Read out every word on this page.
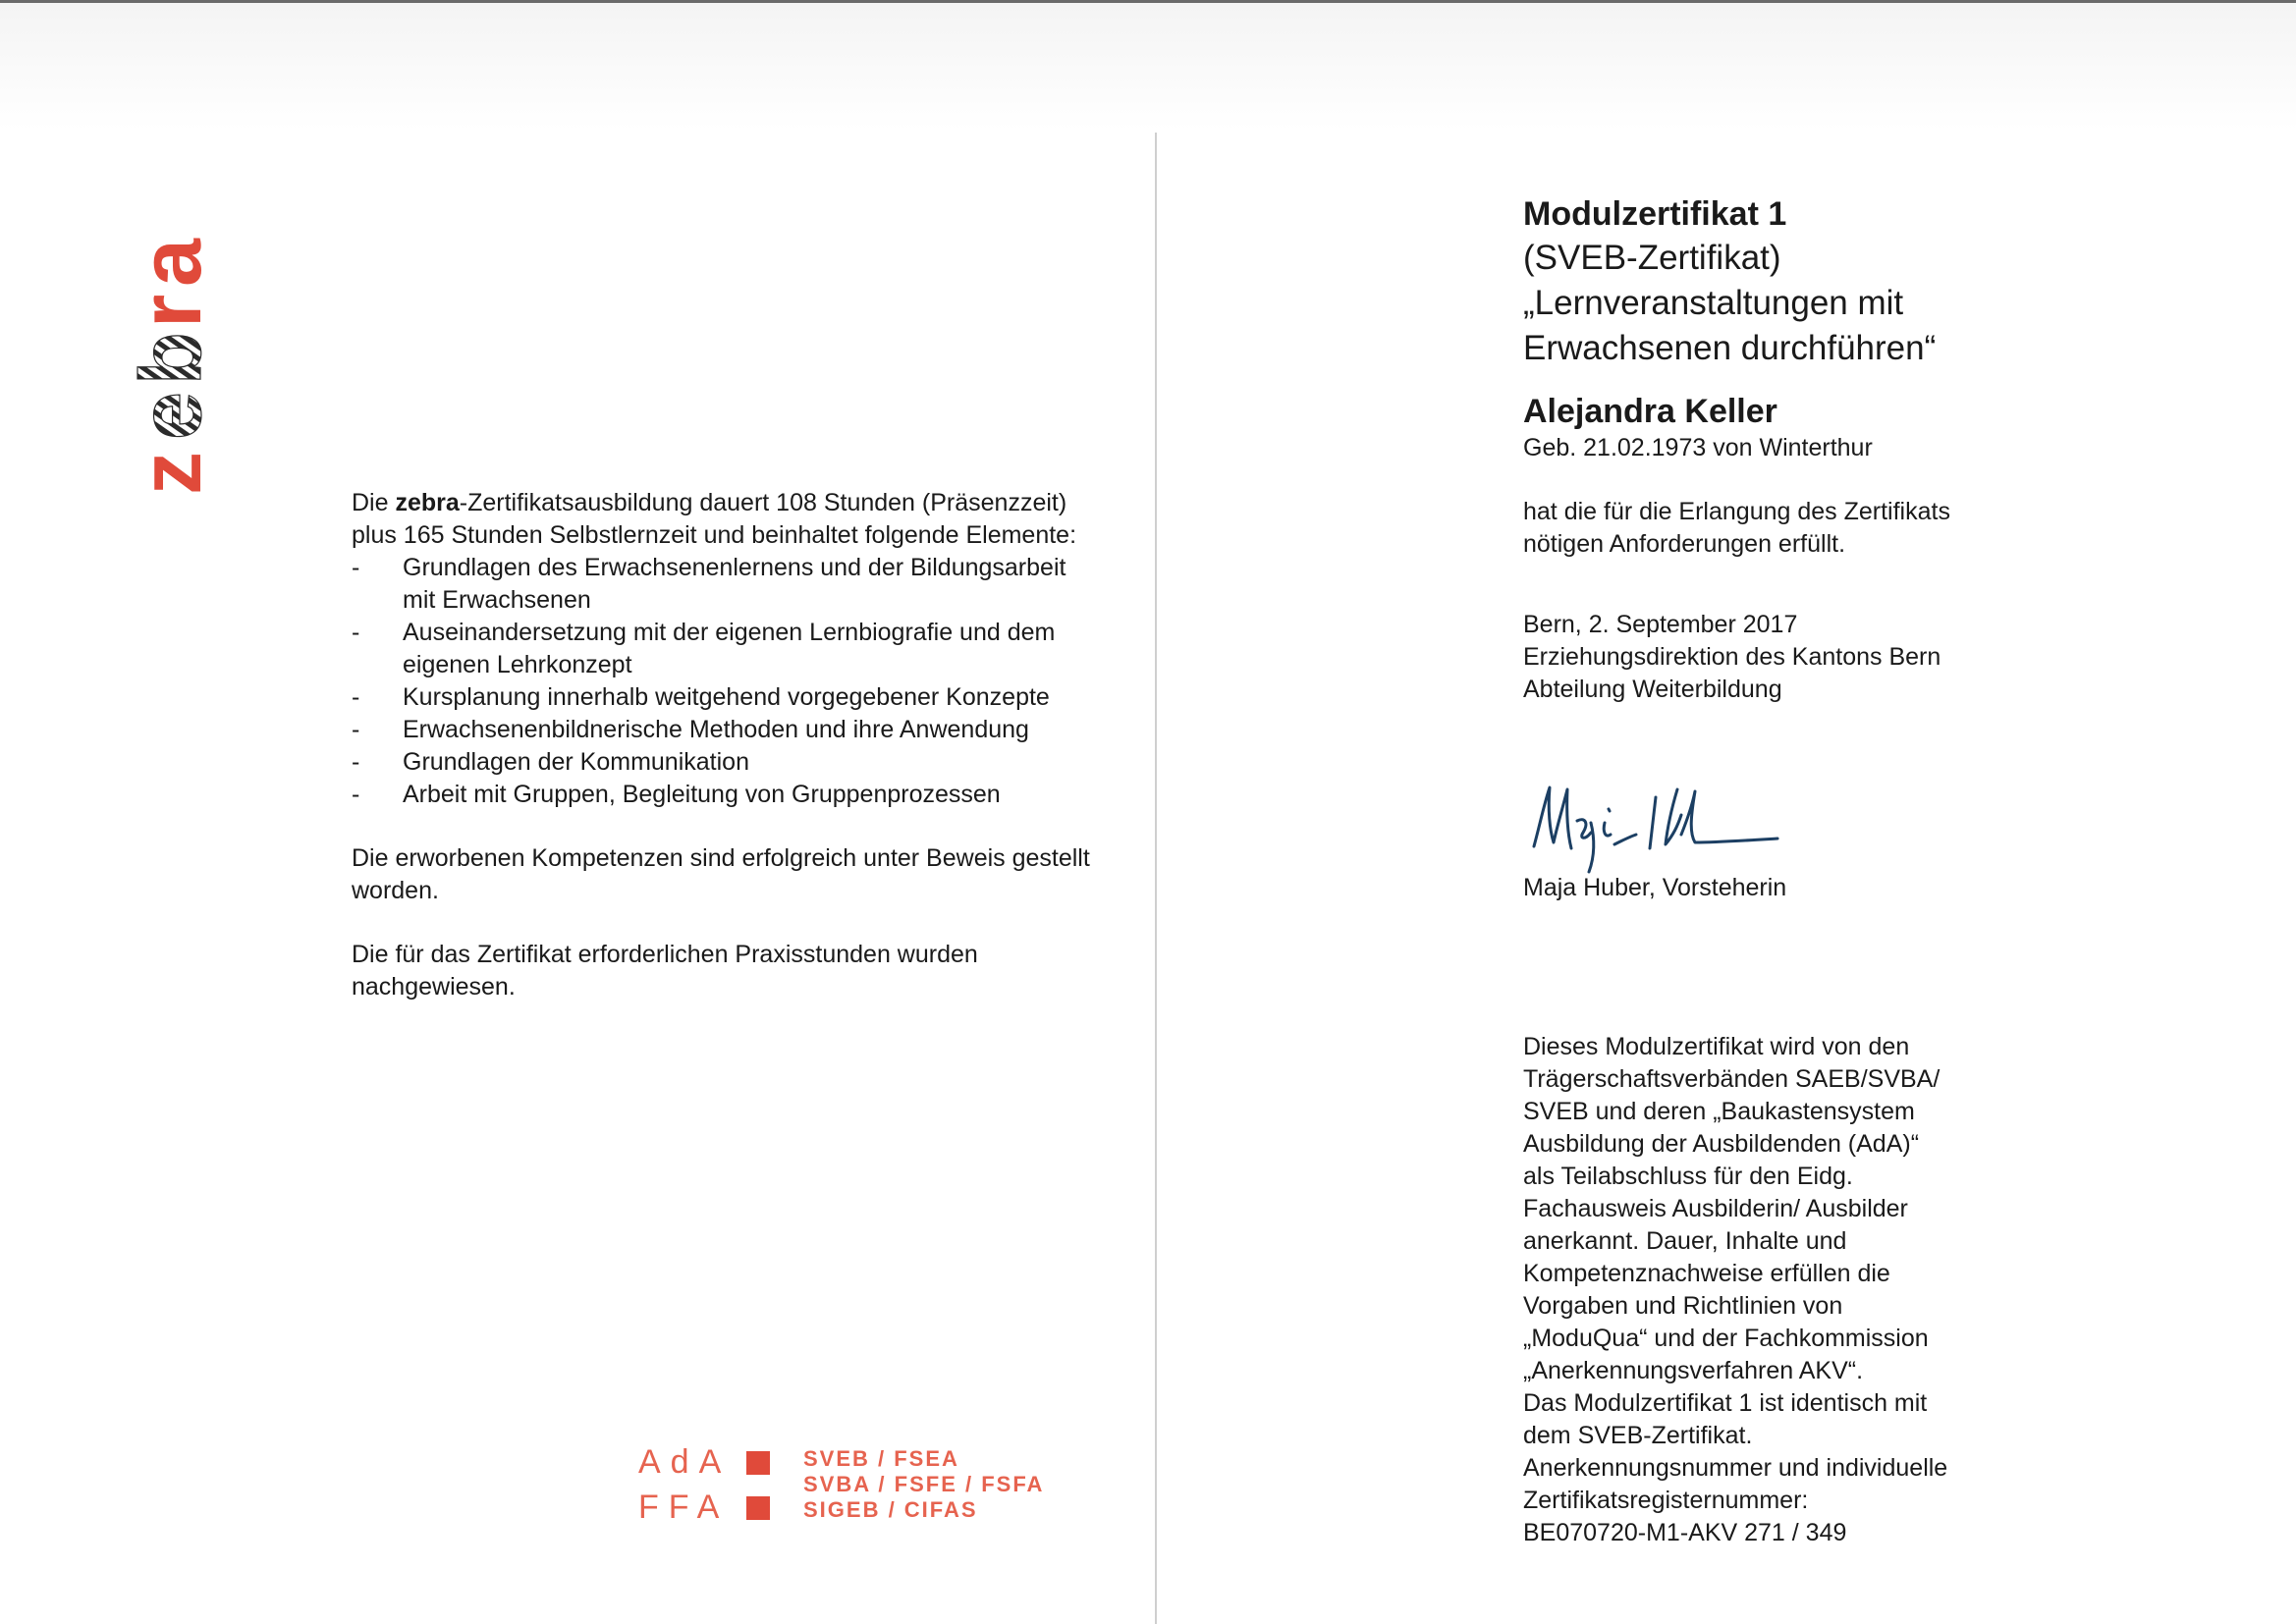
z
e
b
r
a

Die zebra-Zertifikatsausbildung dauert 108 Stunden (Präsenzzeit) plus 165 Stunden Selbstlernzeit und beinhaltet folgende Elemente:

- Grundlagen des Erwachsenenlernens und der Bildungsarbeit mit Erwachsenen
- Auseinandersetzung mit der eigenen Lernbiografie und dem eigenen Lehrkonzept
- Kursplanung innerhalb weitgehend vorgegebener Konzepte
- Erwachsenenbildnerische Methoden und ihre Anwendung
- Grundlagen der Kommunikation
- Arbeit mit Gruppen, Begleitung von Gruppenprozessen

Die erworbenen Kompetenzen sind erfolgreich unter Beweis gestellt worden.

Die für das Zertifikat erforderlichen Praxisstunden wurden nachgewiesen.

AdA
FFA
SVEB / FSEA
SVBA / FSFE / FSFA
SIGEB / CIFAS

Modulzertifikat 1

(SVEB-Zertifikat)

„Lernveranstaltungen mit

Erwachsenen durchführen“

Alejandra Keller

Geb. 21.02.1973 von Winterthur

hat die für die Erlangung des Zertifikats

nötigen Anforderungen erfüllt.

Bern, 2. September 2017

Erziehungsdirektion des Kantons Bern

Abteilung Weiterbildung

Maja Huber, Vorsteherin

Dieses Modulzertifikat wird von den

Trägerschaftsverbänden SAEB/SVBA/

SVEB und deren „Baukastensystem

Ausbildung der Ausbildenden (AdA)“

als Teilabschluss für den Eidg.

Fachausweis Ausbilderin/ Ausbilder

anerkannt. Dauer, Inhalte und

Kompetenznachweise erfüllen die

Vorgaben und Richtlinien von

„ModuQua“ und der Fachkommission

„Anerkennungsverfahren AKV“.

Das Modulzertifikat 1 ist identisch mit

dem SVEB-Zertifikat.

Anerkennungsnummer und individuelle

Zertifikatsregisternummer:

BE070720-M1-AKV 271 / 349
